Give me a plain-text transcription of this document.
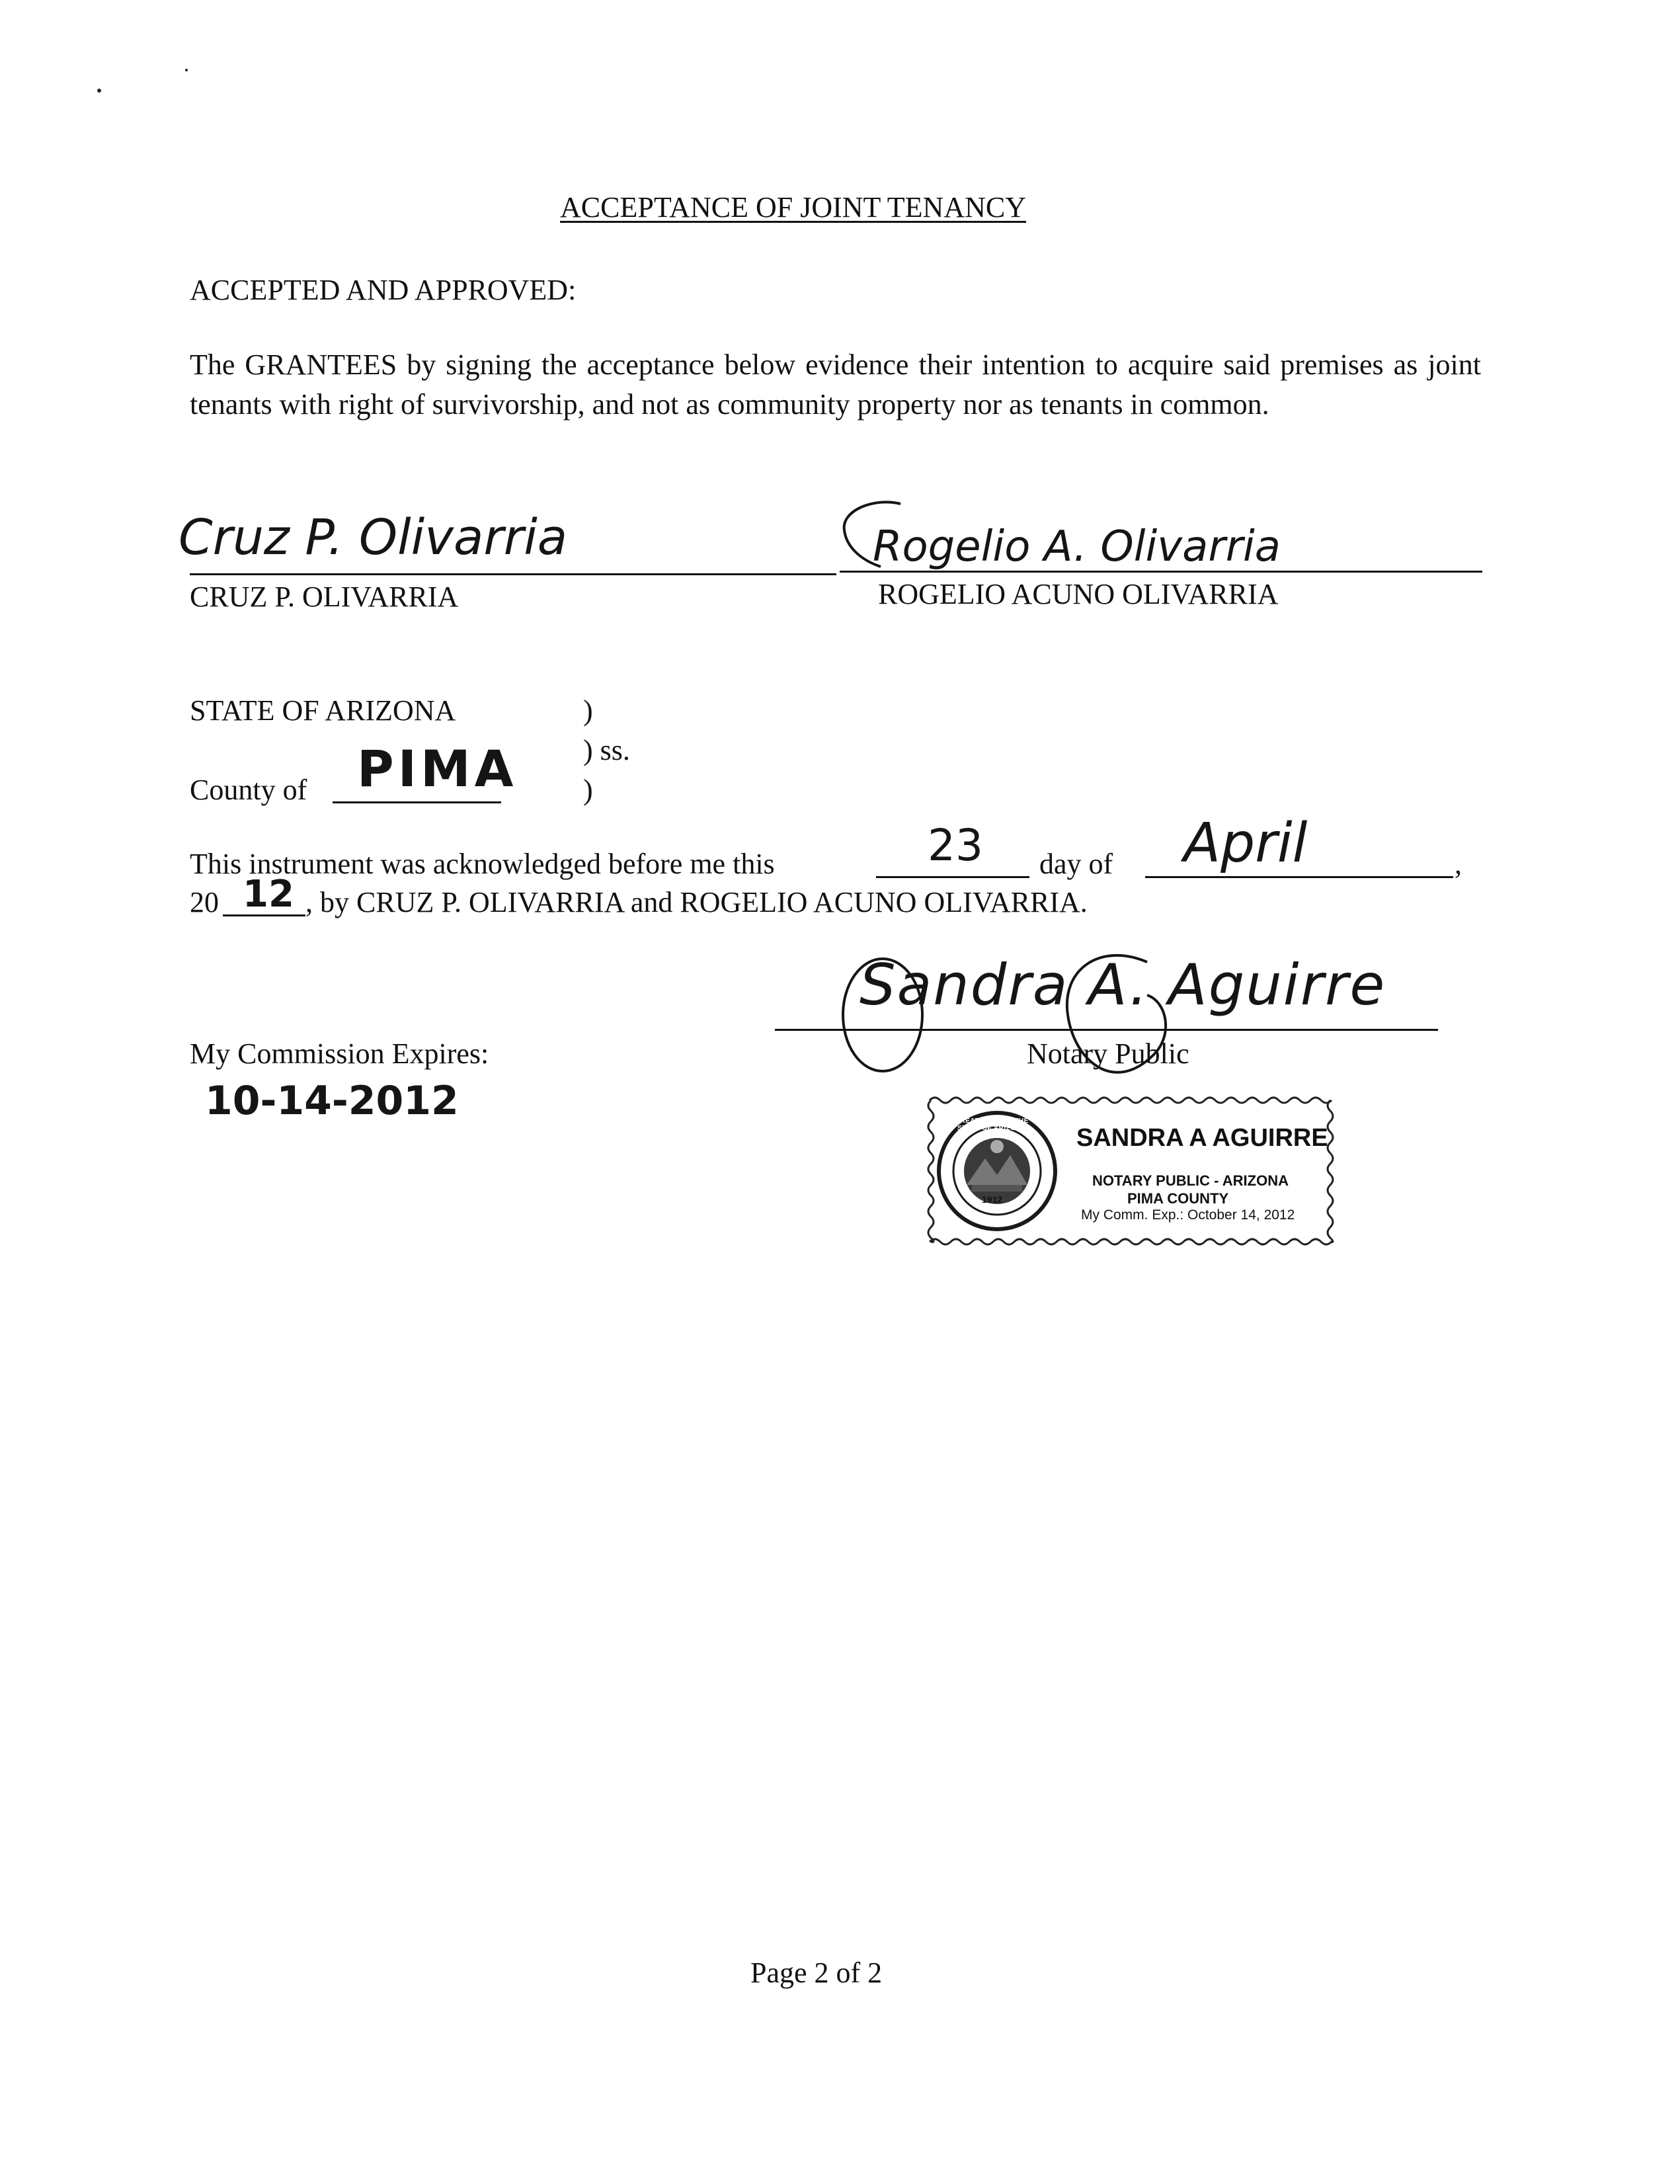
ACCEPTANCE OF JOINT TENANCY
ACCEPTED AND APPROVED:
The GRANTEES by signing the acceptance below evidence their intention to acquire said premises as joint tenants with right of survivorship, and not as community property nor as tenants in common.
Cruz P. Olivarria
CRUZ P. OLIVARRIA
Rogelio A. Olivarria
ROGELIO ACUNO OLIVARRIA
STATE OF ARIZONA	)
) ss.
County of PIMA )
This instrument was acknowledged before me this	23 day of April	,
20 12 , by CRUZ P. OLIVARRIA and ROGELIO ACUNO OLIVARRIA.
Sandra A. Aguirre
Notary Public
My Commission Expires:
10-14-2012	GREAT SEAL OF THE STATE OF ARIZONA
1912
SANDRA A AGUIRRE
NOTARY PUBLIC - ARIZONA
PIMA COUNTY
My Comm. Exp.: October 14, 2012
Page 2 of 2
